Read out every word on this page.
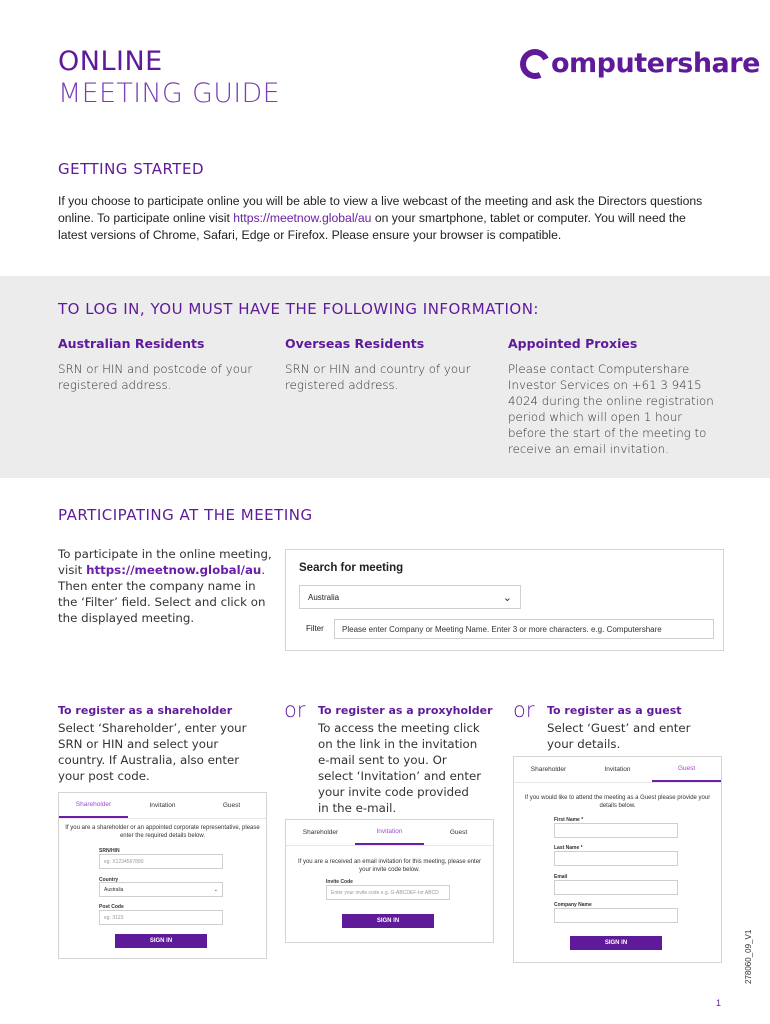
ONLINE
MEETING GUIDE
omputershare
GETTING STARTED
If you choose to participate online you will be able to view a live webcast of the meeting and ask the Directors questions online. To participate online visit https://meetnow.global/au on your smartphone, tablet or computer. You will need the latest versions of Chrome, Safari, Edge or Firefox. Please ensure your browser is compatible.
TO LOG IN, YOU MUST HAVE THE FOLLOWING INFORMATION:
Australian Residents

SRN or HIN and postcode of your registered address.

Overseas Residents

SRN or HIN and country of your registered address.

Appointed Proxies

Please contact Computershare Investor Services on +61 3 9415 4024 during the online registration period which will open 1 hour before the start of the meeting to receive an email invitation.

PARTICIPATING AT THE MEETING
To participate in the online meeting, visit https://meetnow.global/au. Then enter the company name in the ‘Filter’ field. Select and click on the displayed meeting.
Search for meeting
Australia	⌄
Filter	Please enter Company or Meeting Name. Enter 3 or more characters. e.g. Computershare
To register as a shareholder
Select ‘Shareholder’, enter your SRN or HIN and select your country. If Australia, also enter your post code.
or To register as a proxyholder
To access the meeting click on the link in the invitation e-mail sent to you. Or select ‘Invitation’ and enter your invite code provided in the e-mail.
or To register as a guest
Select ‘Guest’ and enter your details.
Shareholder	Invitation	Guest
If you are a shareholder or an appointed corporate representative, please enter the required details below.
SRN/HIN
eg. X1234567890
Country
Australia	⌄
Post Code
eg. 3123
SIGN IN
Shareholder	Invitation	Guest
If you are a received an email invitation for this meeting, please enter your invite code below.
Invite Code
Enter your invite code e.g. G-ABCDEF-Ior ABCD
SIGN IN
Shareholder	Invitation	Guest
If you would like to attend the meeting as a Guest please provide your details below.
First Name *
Last Name *
Email
Company Name
SIGN IN	278060_09_V1
1
